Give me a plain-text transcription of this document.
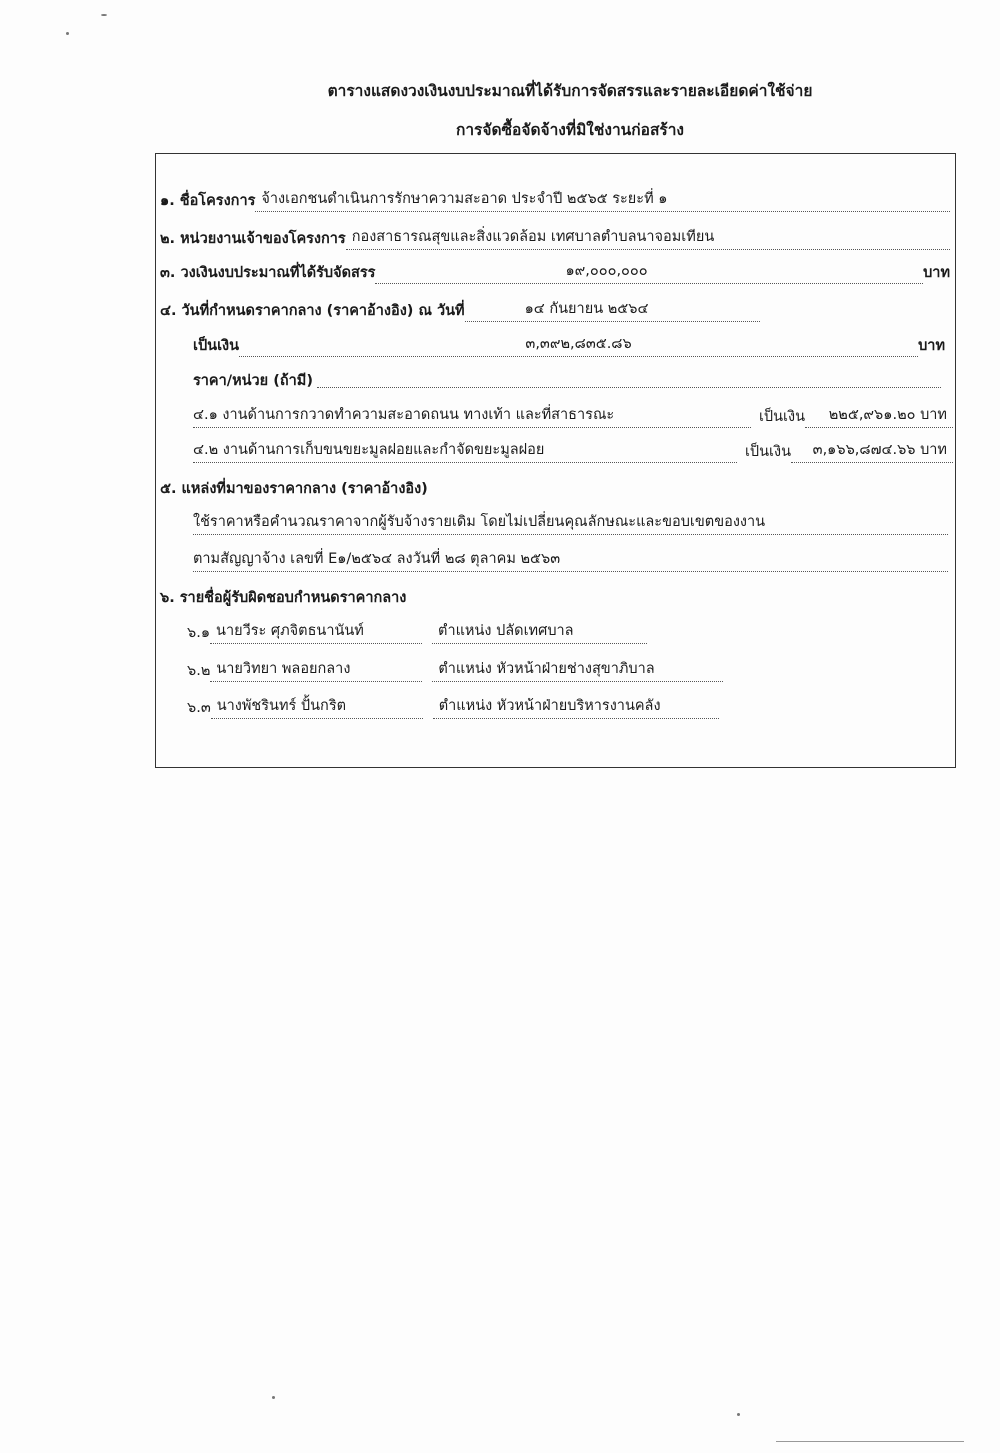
ตารางแสดงวงเงินงบประมาณที่ได้รับการจัดสรรและรายละเอียดค่าใช้จ่าย
การจัดซื้อจัดจ้างที่มิใช่งานก่อสร้าง
๑. ชื่อโครงการ จ้างเอกชนดำเนินการรักษาความสะอาด ประจำปี ๒๕๖๕ ระยะที่ ๑
๒. หน่วยงานเจ้าของโครงการ กองสาธารณสุขและสิ่งแวดล้อม เทศบาลตำบลนาจอมเทียน
๓. วงเงินงบประมาณที่ได้รับจัดสรร	๑๙,๐๐๐,๐๐๐	บาท
๔. วันที่กำหนดราคากลาง (ราคาอ้างอิง) ณ วันที่	๑๔ กันยายน ๒๕๖๔
เป็นเงิน	๓,๓๙๒,๘๓๕.๘๖	บาท
ราคา/หน่วย (ถ้ามี)
๔.๑ งานด้านการกวาดทำความสะอาดถนน ทางเท้า และที่สาธารณะ	เป็นเงิน	๒๒๕,๙๖๑.๒๐ บาท
๔.๒ งานด้านการเก็บขนขยะมูลฝอยและกำจัดขยะมูลฝอย	เป็นเงิน	๓,๑๖๖,๘๗๔.๖๖ บาท
๕. แหล่งที่มาของราคากลาง (ราคาอ้างอิง)
ใช้ราคาหรือคำนวณราคาจากผู้รับจ้างรายเดิม โดยไม่เปลี่ยนคุณลักษณะและขอบเขตของงาน
ตามสัญญาจ้าง เลขที่ E๑/๒๕๖๔ ลงวันที่ ๒๘ ตุลาคม ๒๕๖๓
๖. รายชื่อผู้รับผิดชอบกำหนดราคากลาง
๖.๑ นายวีระ ศุภจิตธนานันท์	ตำแหน่ง ปลัดเทศบาล
๖.๒ นายวิทยา พลอยกลาง	ตำแหน่ง หัวหน้าฝ่ายช่างสุขาภิบาล
๖.๓ นางพัชรินทร์ ปั้นกริต	ตำแหน่ง หัวหน้าฝ่ายบริหารงานคลัง
